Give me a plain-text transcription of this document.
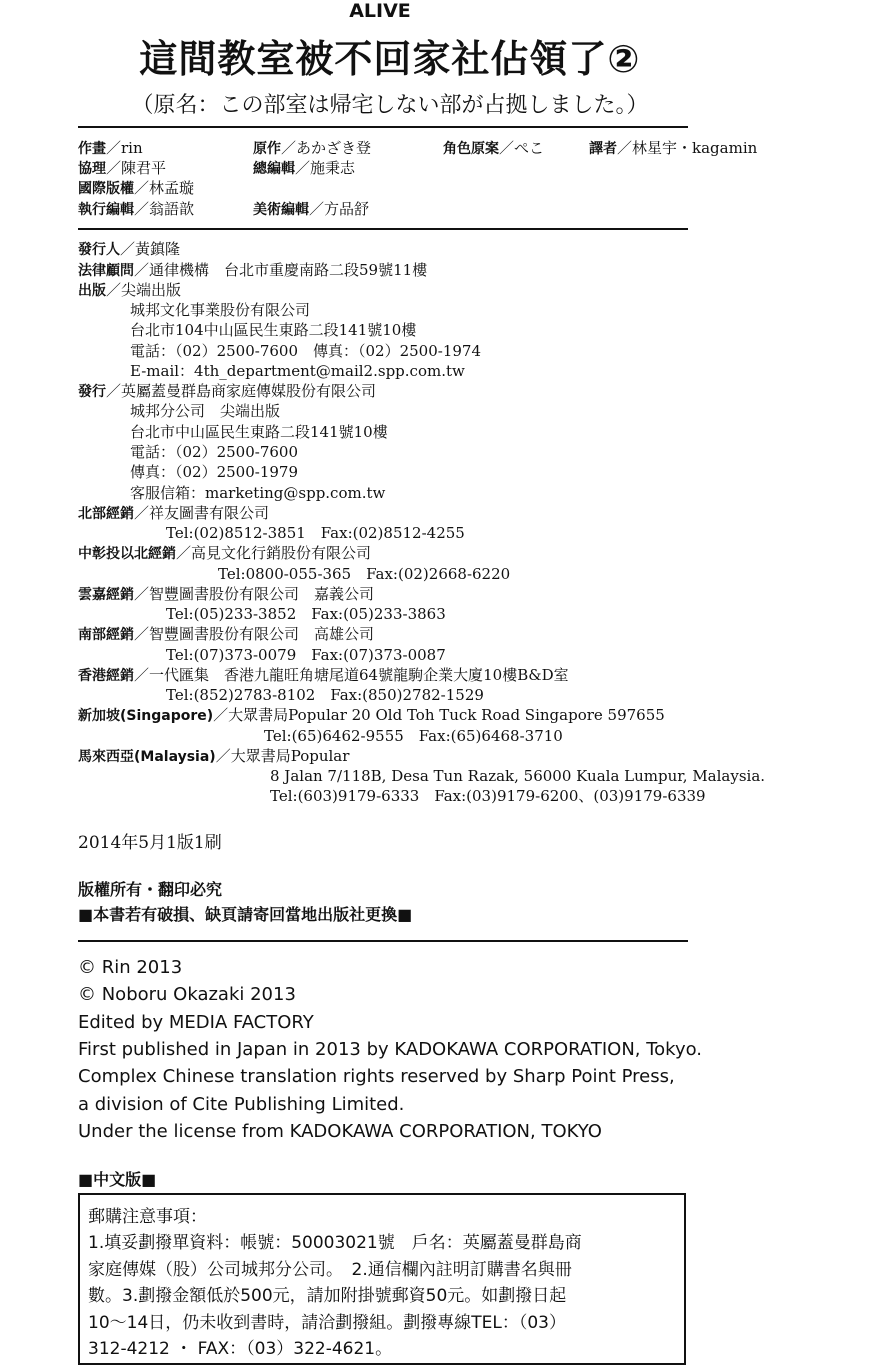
ALIVE
這間教室被不回家社佔領了②
（原名：この部室は帰宅しない部が占拠しました。）
作畫／rin	原作／あかざき登	角色原案／ぺこ	譯者／林星宇・kagamin
協理／陳君平	總編輯／施秉志
國際版權／林孟璇
執行編輯／翁語歆	美術編輯／方品舒
發行人／黃鎮隆
法律顧問／通律機構　台北市重慶南路二段59號11樓
出版／尖端出版
城邦文化事業股份有限公司
台北市104中山區民生東路二段141號10樓
電話：（02）2500-7600　傳真：（02）2500-1974
E-mail：4th_department@mail2.spp.com.tw
發行／英屬蓋曼群島商家庭傳媒股份有限公司
城邦分公司　尖端出版
台北市中山區民生東路二段141號10樓
電話：（02）2500-7600
傳真：（02）2500-1979
客服信箱：marketing@spp.com.tw
北部經銷／祥友圖書有限公司
Tel:(02)8512-3851　Fax:(02)8512-4255
中彰投以北經銷／高見文化行銷股份有限公司
Tel:0800-055-365　Fax:(02)2668-6220
雲嘉經銷／智豐圖書股份有限公司　嘉義公司
Tel:(05)233-3852　Fax:(05)233-3863
南部經銷／智豐圖書股份有限公司　高雄公司
Tel:(07)373-0079　Fax:(07)373-0087
香港經銷／一代匯集　香港九龍旺角塘尾道64號龍駒企業大廈10樓B&D室
Tel:(852)2783-8102　Fax:(850)2782-1529
新加坡(Singapore)／大眾書局Popular 20 Old Toh Tuck Road Singapore 597655
Tel:(65)6462-9555　Fax:(65)6468-3710
馬來西亞(Malaysia)／大眾書局Popular
8 Jalan 7/118B, Desa Tun Razak, 56000 Kuala Lumpur, Malaysia.
Tel:(603)9179-6333　Fax:(03)9179-6200、(03)9179-6339
2014年5月1版1刷
版權所有・翻印必究
■本書若有破損、缺頁請寄回當地出版社更換■
© Rin 2013
© Noboru Okazaki 2013
Edited by MEDIA FACTORY
First published in Japan in 2013 by KADOKAWA CORPORATION, Tokyo.
Complex Chinese translation rights reserved by Sharp Point Press,
a division of Cite Publishing Limited.
Under the license from KADOKAWA CORPORATION, TOKYO
■中文版■
郵購注意事項：
1.填妥劃撥單資料：帳號：50003021號　戶名：英屬蓋曼群島商
家庭傳媒（股）公司城邦分公司。　2.通信欄內註明訂購書名與冊
數。3.劃撥金額低於500元，請加附掛號郵資50元。如劃撥日起
10～14日，仍未收到書時，請洽劃撥組。劃撥專線TEL：（03）
312-4212 ・ FAX：（03）322-4621。
